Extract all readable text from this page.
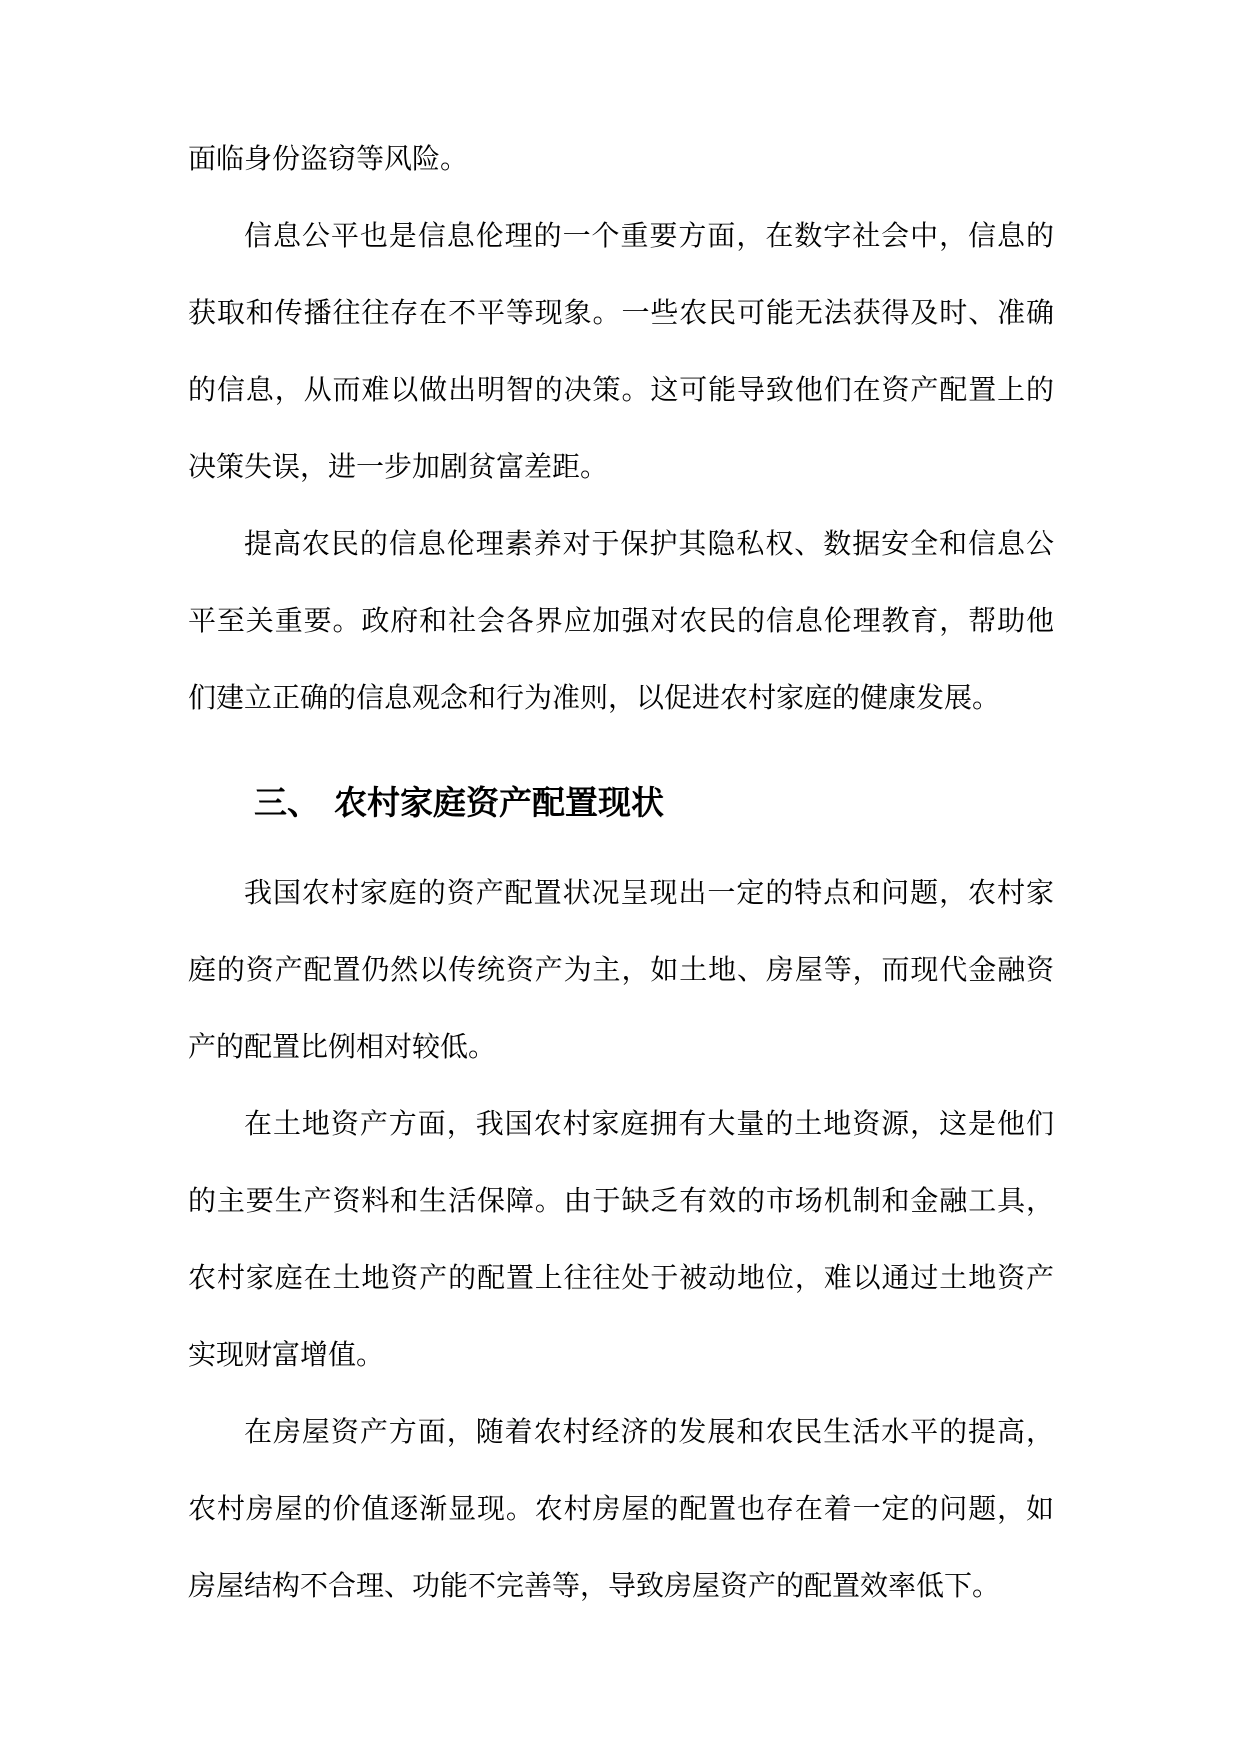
面临身份盗窃等风险。

信息公平也是信息伦理的一个重要方面，在数字社会中，信息的获取和传播往往存在不平等现象。一些农民可能无法获得及时、准确的信息，从而难以做出明智的决策。这可能导致他们在资产配置上的决策失误，进一步加剧贫富差距。

提高农民的信息伦理素养对于保护其隐私权、数据安全和信息公平至关重要。政府和社会各界应加强对农民的信息伦理教育，帮助他们建立正确的信息观念和行为准则，以促进农村家庭的健康发展。

三、 农村家庭资产配置现状

我国农村家庭的资产配置状况呈现出一定的特点和问题，农村家庭的资产配置仍然以传统资产为主，如土地、房屋等，而现代金融资产的配置比例相对较低。

在土地资产方面，我国农村家庭拥有大量的土地资源，这是他们的主要生产资料和生活保障。由于缺乏有效的市场机制和金融工具，农村家庭在土地资产的配置上往往处于被动地位，难以通过土地资产实现财富增值。

在房屋资产方面，随着农村经济的发展和农民生活水平的提高，农村房屋的价值逐渐显现。农村房屋的配置也存在着一定的问题，如房屋结构不合理、功能不完善等，导致房屋资产的配置效率低下。
